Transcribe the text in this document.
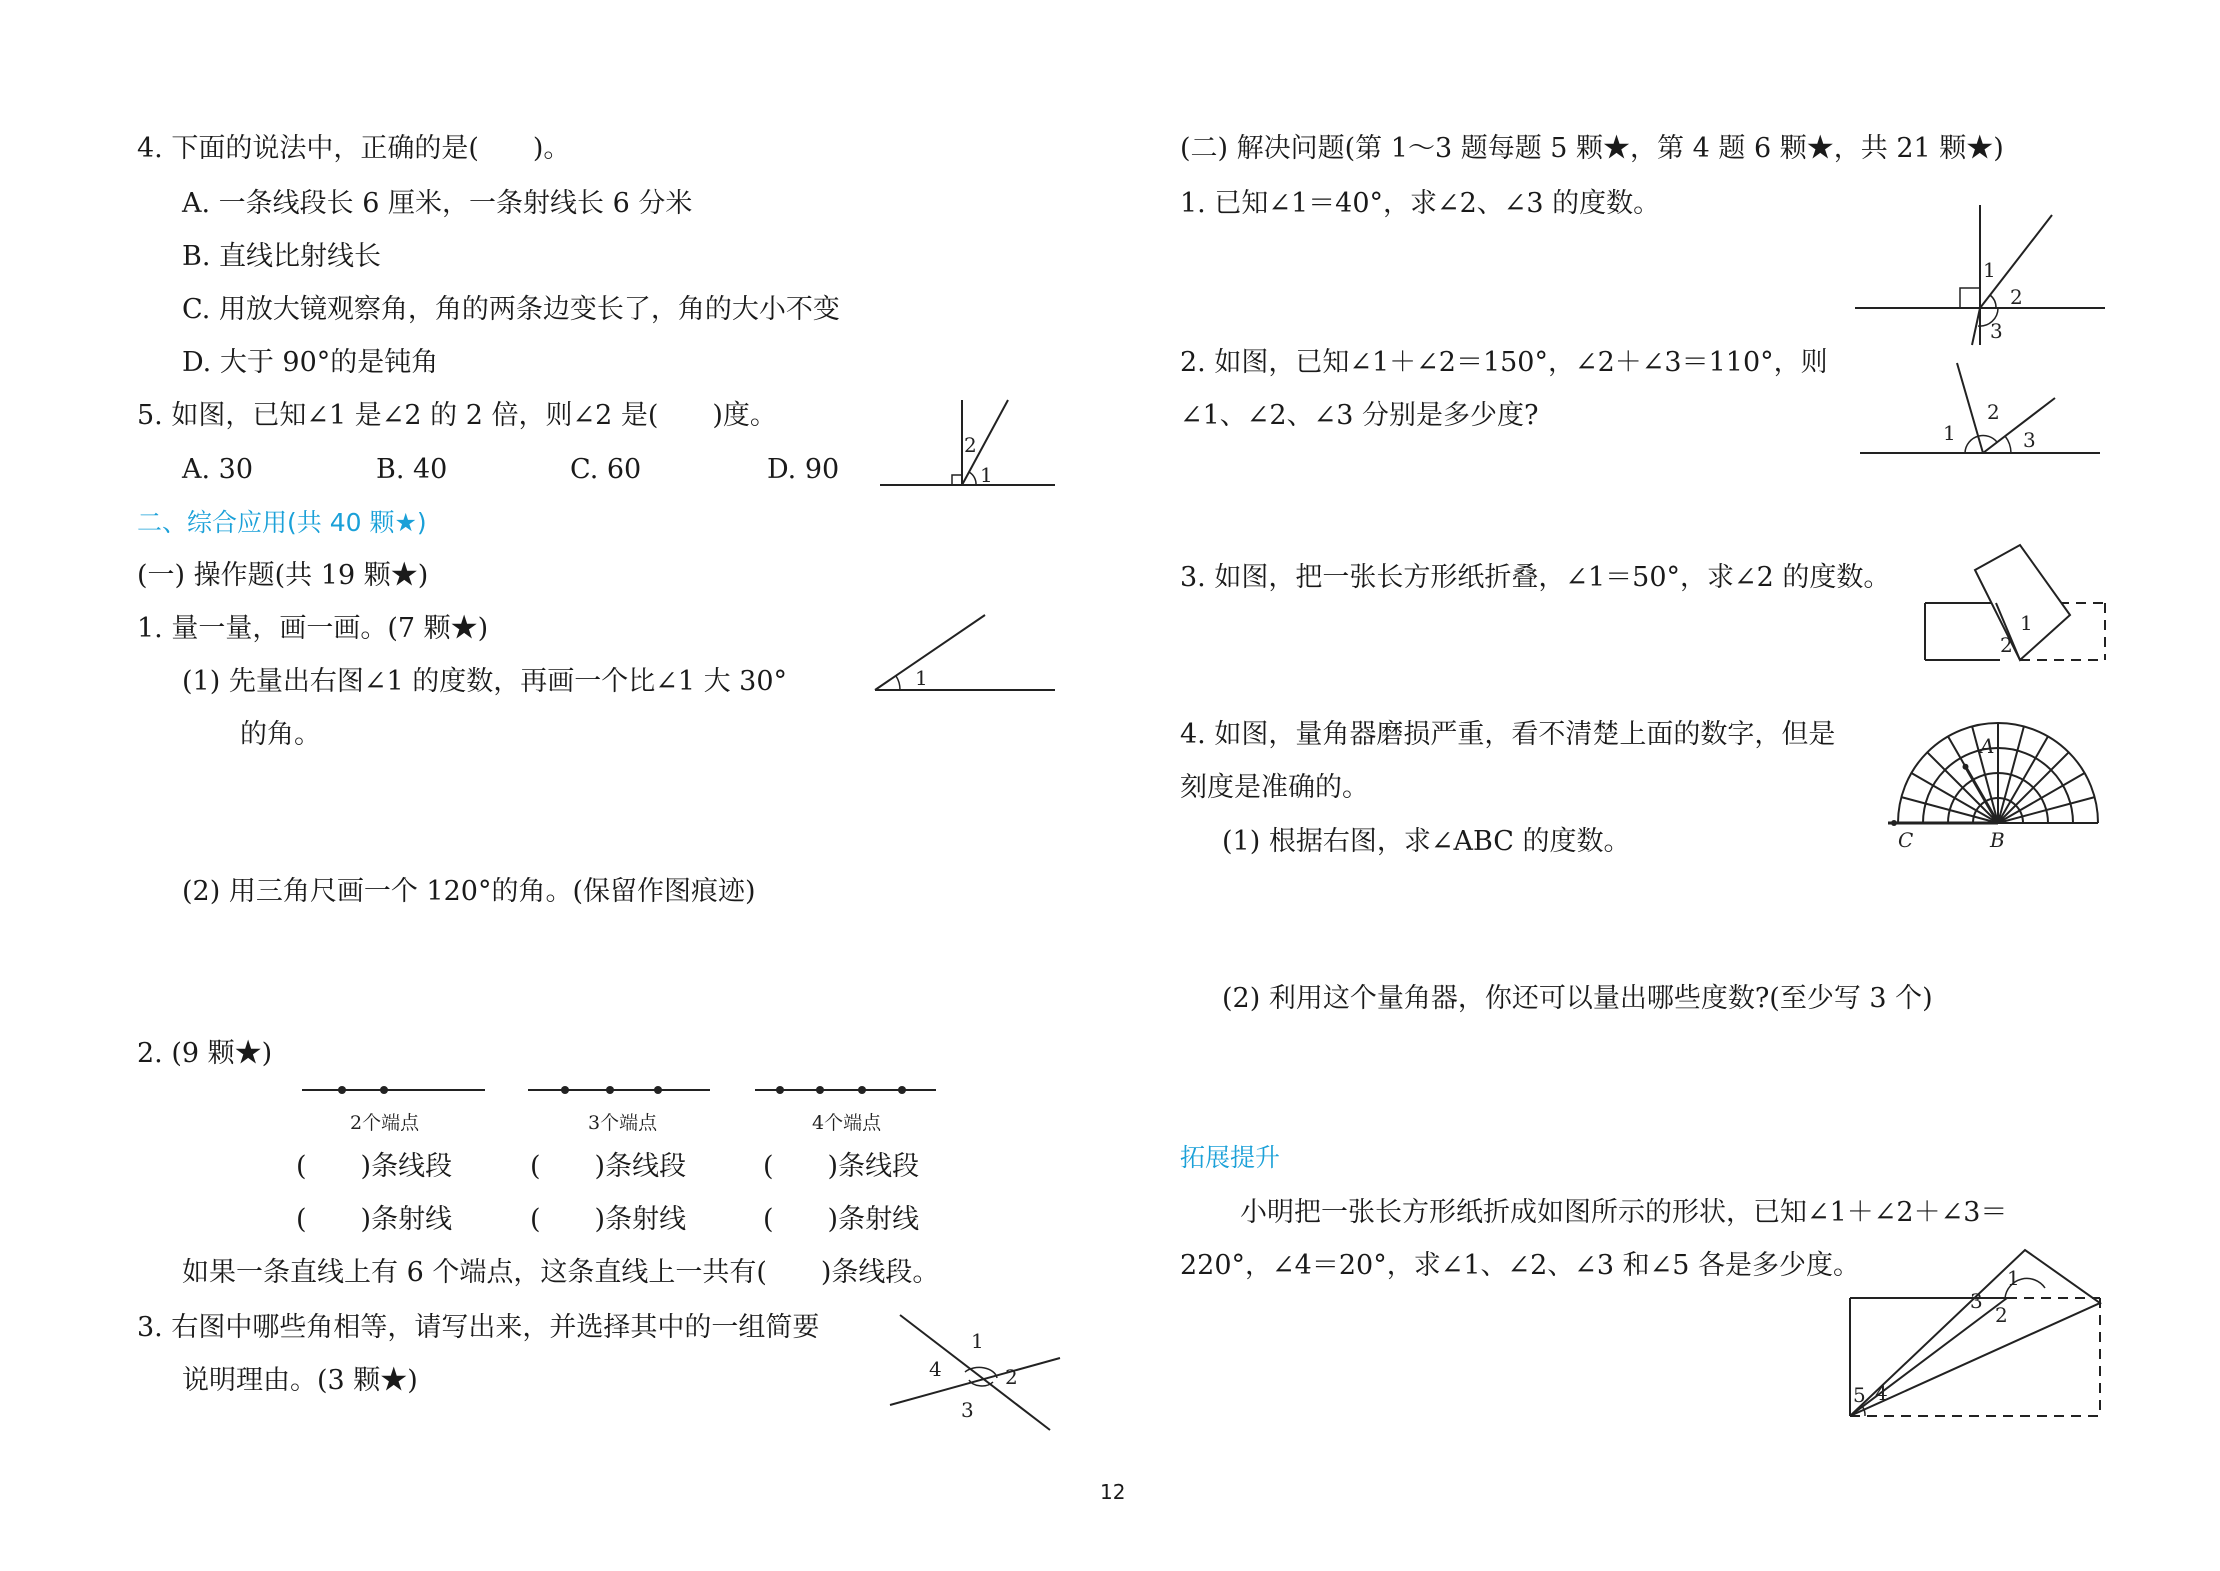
4. 下面的说法中，正确的是(　　)。
A. 一条线段长 6 厘米，一条射线长 6 分米
B. 直线比射线长
C. 用放大镜观察角，角的两条边变长了，角的大小不变
D. 大于 90°的是钝角
5. 如图，已知∠1 是∠2 的 2 倍，则∠2 是(　　)度。
A. 30	B. 40	C. 60	D. 90
2
1
二、综合应用(共 40 颗★)
(一) 操作题(共 19 颗★)
1. 量一量，画一画。(7 颗★)
(1) 先量出右图∠1 的度数，再画一个比∠1 大 30°
的角。
(2) 用三角尺画一个 120°的角。(保留作图痕迹)
1
2. (9 颗★)
2个端点	3个端点	4个端点
(　　)条线段	(　　)条线段	(　　)条线段
(　　)条射线	(　　)条射线	(　　)条射线
如果一条直线上有 6 个端点，这条直线上一共有(　　)条线段。
3. 右图中哪些角相等，请写出来，并选择其中的一组简要
说明理由。(3 颗★)
1
2
3
4
(二) 解决问题(第 1～3 题每题 5 颗★，第 4 题 6 颗★，共 21 颗★)
1. 已知∠1＝40°，求∠2、∠3 的度数。
1
2
3
2. 如图，已知∠1＋∠2＝150°，∠2＋∠3＝110°，则
∠1、∠2、∠3 分别是多少度?
1
2
3
3. 如图，把一张长方形纸折叠，∠1＝50°，求∠2 的度数。
2
1
4. 如图，量角器磨损严重，看不清楚上面的数字，但是
刻度是准确的。
(1) 根据右图，求∠ABC 的度数。
(2) 利用这个量角器，你还可以量出哪些度数?(至少写 3 个)
C	B
A
拓展提升
小明把一张长方形纸折成如图所示的形状，已知∠1＋∠2＋∠3＝
220°，∠4＝20°，求∠1、∠2、∠3 和∠5 各是多少度。
5 4
3
2
1
12
